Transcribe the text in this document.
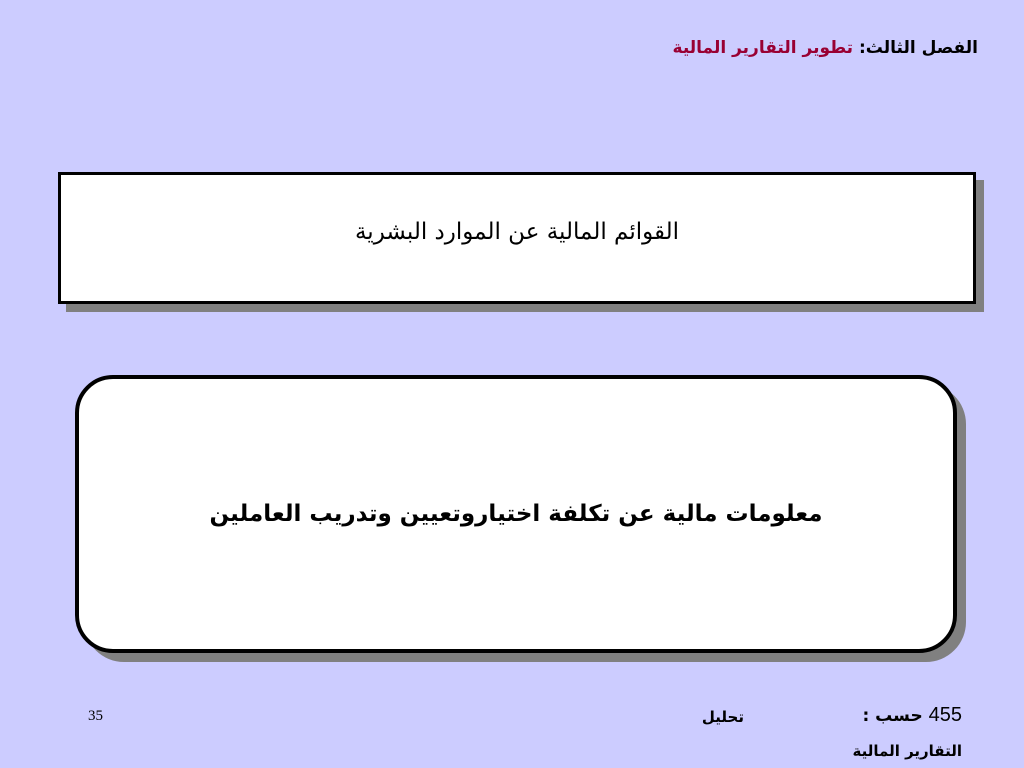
الفصل الثالث: تطوير التقارير المالية
القوائم المالية عن الموارد البشرية
معلومات مالية عن تكلفة اختياروتعيين وتدريب العاملين
35	455 حسب :
تحليل
التقارير المالية
